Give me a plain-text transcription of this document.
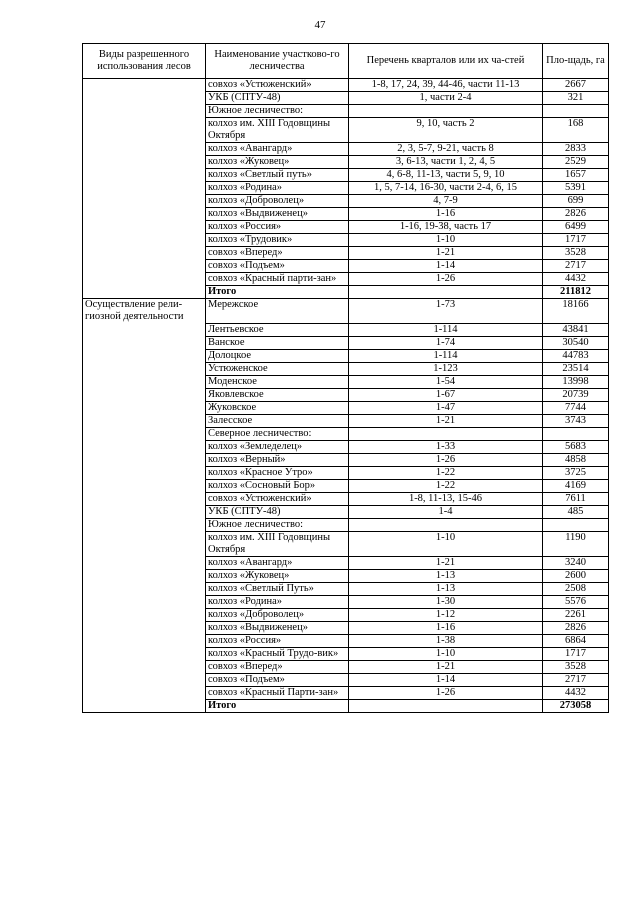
47
Виды разрешенного использования лесов	Наименование участково-го лесничества	Перечень кварталов или их ча-стей	Пло-щадь, га
	совхоз «Устюженский»	1-8, 17, 24, 39, 44-46, части 11-13	2667
	УКБ (СПТУ-48)	1, части 2-4	321
	Южное лесничество:		
	колхоз им. XIII Годовщины Октября	9, 10, часть 2	168
	колхоз «Авангард»	2, 3, 5-7, 9-21, часть 8	2833
	колхоз «Жуковец»	3, 6-13, части 1, 2, 4, 5	2529
	колхоз «Светлый путь»	4, 6-8, 11-13, части 5, 9, 10	1657
	колхоз «Родина»	1, 5, 7-14, 16-30, части 2-4, 6, 15	5391
	колхоз «Доброволец»	4, 7-9	699
	колхоз «Выдвиженец»	1-16	2826
	колхоз «Россия»	1-16, 19-38, часть 17	6499
	колхоз «Трудовик»	1-10	1717
	совхоз «Вперед»	1-21	3528
	совхоз «Подъем»	1-14	2717
	совхоз «Красный парти-зан»	1-26	4432
	Итого		211812
Осуществление рели-гиозной деятельности	Мережское	1-73	18166
	Лентьевское	1-114	43841
	Ванское	1-74	30540
	Долоцкое	1-114	44783
	Устюженское	1-123	23514
	Моденское	1-54	13998
	Яковлевское	1-67	20739
	Жуковское	1-47	7744
	Залесское	1-21	3743
	Северное лесничество:		
	колхоз «Земледелец»	1-33	5683
	колхоз «Верный»	1-26	4858
	колхоз «Красное Утро»	1-22	3725
	колхоз «Сосновый Бор»	1-22	4169
	совхоз «Устюженский»	1-8, 11-13, 15-46	7611
	УКБ (СПТУ-48)	1-4	485
	Южное лесничество:		
	колхоз им. XIII Годовщины Октября	1-10	1190
	колхоз «Авангард»	1-21	3240
	колхоз «Жуковец»	1-13	2600
	колхоз «Светлый Путь»	1-13	2508
	колхоз «Родина»	1-30	5576
	колхоз «Доброволец»	1-12	2261
	колхоз «Выдвиженец»	1-16	2826
	колхоз «Россия»	1-38	6864
	колхоз «Красный Трудо-вик»	1-10	1717
	совхоз «Вперед»	1-21	3528
	совхоз «Подъем»	1-14	2717
	совхоз «Красный Парти-зан»	1-26	4432
	Итого		273058
